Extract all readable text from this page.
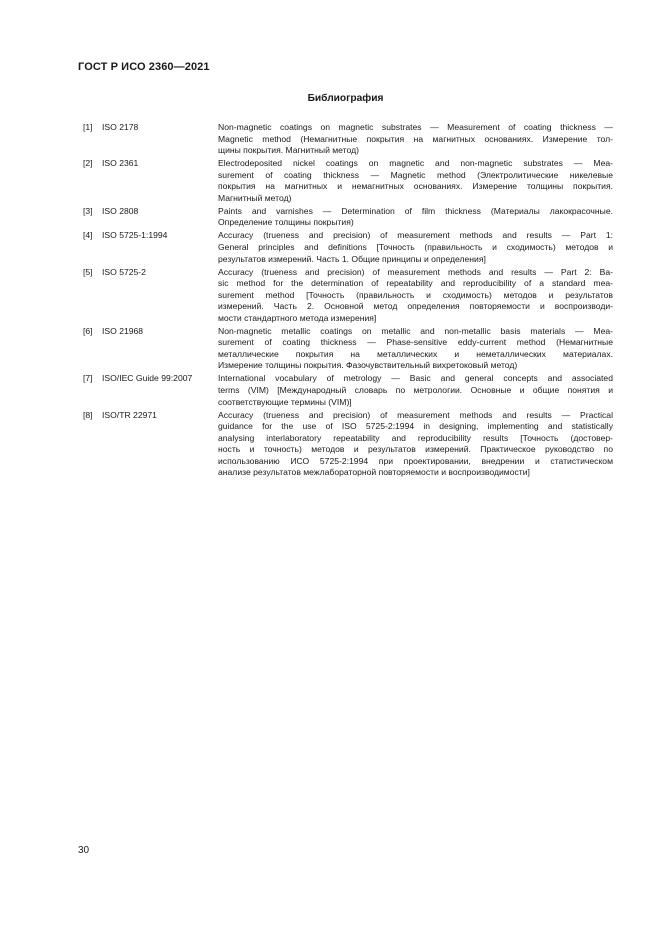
ГОСТ Р ИСО 2360—2021
Библиография
[1] ISO 2178	Non-magnetic coatings on magnetic substrates — Measurement of coating thickness —
Magnetic method (Немагнитные покрытия на магнитных основаниях. Измерение тол-
щины покрытия. Магнитный метод)
[2] ISO 2361	Electrodeposited nickel coatings on magnetic and non-magnetic substrates — Mea-
surement of coating thickness — Magnetic method (Электролитические никелевые
покрытия на магнитных и немагнитных основаниях. Измерение толщины покрытия.
Магнитный метод)
[3] ISO 2808	Paints and varnishes — Determination of film thickness (Материалы лакокрасочные.
Определение толщины покрытия)
[4] ISO 5725-1:1994	Accuracy (trueness and precision) of measurement methods and results — Part 1:
General principles and definitions [Точность (правильность и сходимость) методов и
результатов измерений. Часть 1. Общие принципы и определения]
[5] ISO 5725-2	Accuracy (trueness and precision) of measurement methods and results — Part 2: Ba-
sic method for the determination of repeatability and reproducibility of a standard mea-
surement method [Точность (правильность и сходимость) методов и результатов
измерений. Часть 2. Основной метод определения повторяемости и воспроизводи-
мости стандартного метода измерения]
[6] ISO 21968	Non-magnetic metallic coatings on metallic and non-metallic basis materials — Mea-
surement of coating thickness — Phase-sensitive eddy-current method (Немагнитные
металлические покрытия на металлических и неметаллических материалах.
Измерение толщины покрытия. Фазочувствительный вихретоковый метод)
[7] ISO/IEC Guide 99:2007	International vocabulary of metrology — Basic and general concepts and associated
terms (VIM) [Международный словарь по метрологии. Основные и общие понятия и
соответствующие термины (VIM)]
[8] ISO/TR 22971	Accuracy (trueness and precision) of measurement methods and results — Practical
guidance for the use of ISO 5725-2:1994 in designing, implementing and statistically
analysing interlaboratory repeatability and reproducibility results [Точность (достовер-
ность и точность) методов и результатов измерений. Практическое руководство по
использованию ИСО 5725-2:1994 при проектировании, внедрении и статистическом
анализе результатов межлабораторной повторяемости и воспроизводимости]
30
